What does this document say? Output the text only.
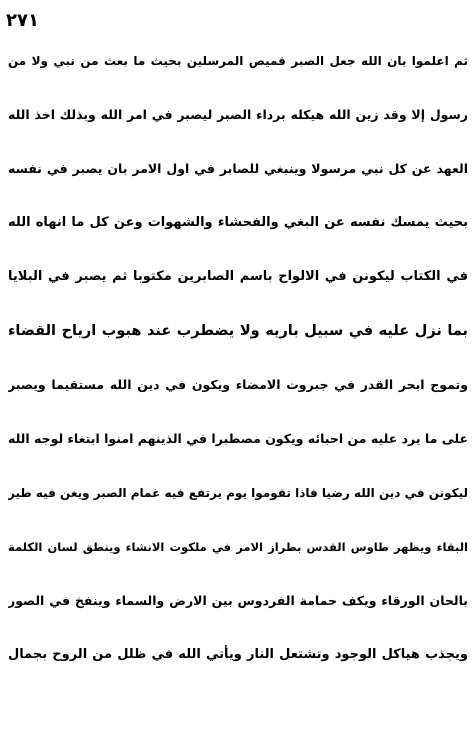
۲۷۱
ثم اعلموا بان الله جعل الصبر قميص المرسلين بحيث ما بعث من نبي ولا من
رسول إلا وقد زين الله هيكله برداء الصبر ليصبر في امر الله وبذلك اخذ الله
العهد عن كل نبي مرسولا وينبغي للصابر في اول الامر بان يصبر في نفسه
بحيث يمسك نفسه عن البغي والفحشاء والشهوات وعن كل ما انهاه الله
في الكتاب ليكونن في الالواح باسم الصابرين مكتوبا ثم يصبر في البلايا
بما نزل عليه في سبيل باريه ولا يضطرب عند هبوب ارياح القضاء
وتموج ابحر القدر في جبروت الامضاء ويكون في دين الله مستقيما ويصبر
على ما يرد عليه من احبائه ويكون مصطبرا في الذينهم امنوا ابتغاء لوجه الله
ليكونن في دين الله رضيا فاذا تقوموا يوم يرتفع فيه غمام الصبر ويغن فيه طير
البقاء ويظهر طاوس القدس بطراز الامر في ملكوت الانشاء وينطق لسان الكلمة
بالحان الورقاء ويكف حمامة الفردوس بين الارض والسماء وينفخ في الصور
ويجذب هياكل الوجود وتشتعل النار ويأتي الله في ظلل من الروح بجمال
